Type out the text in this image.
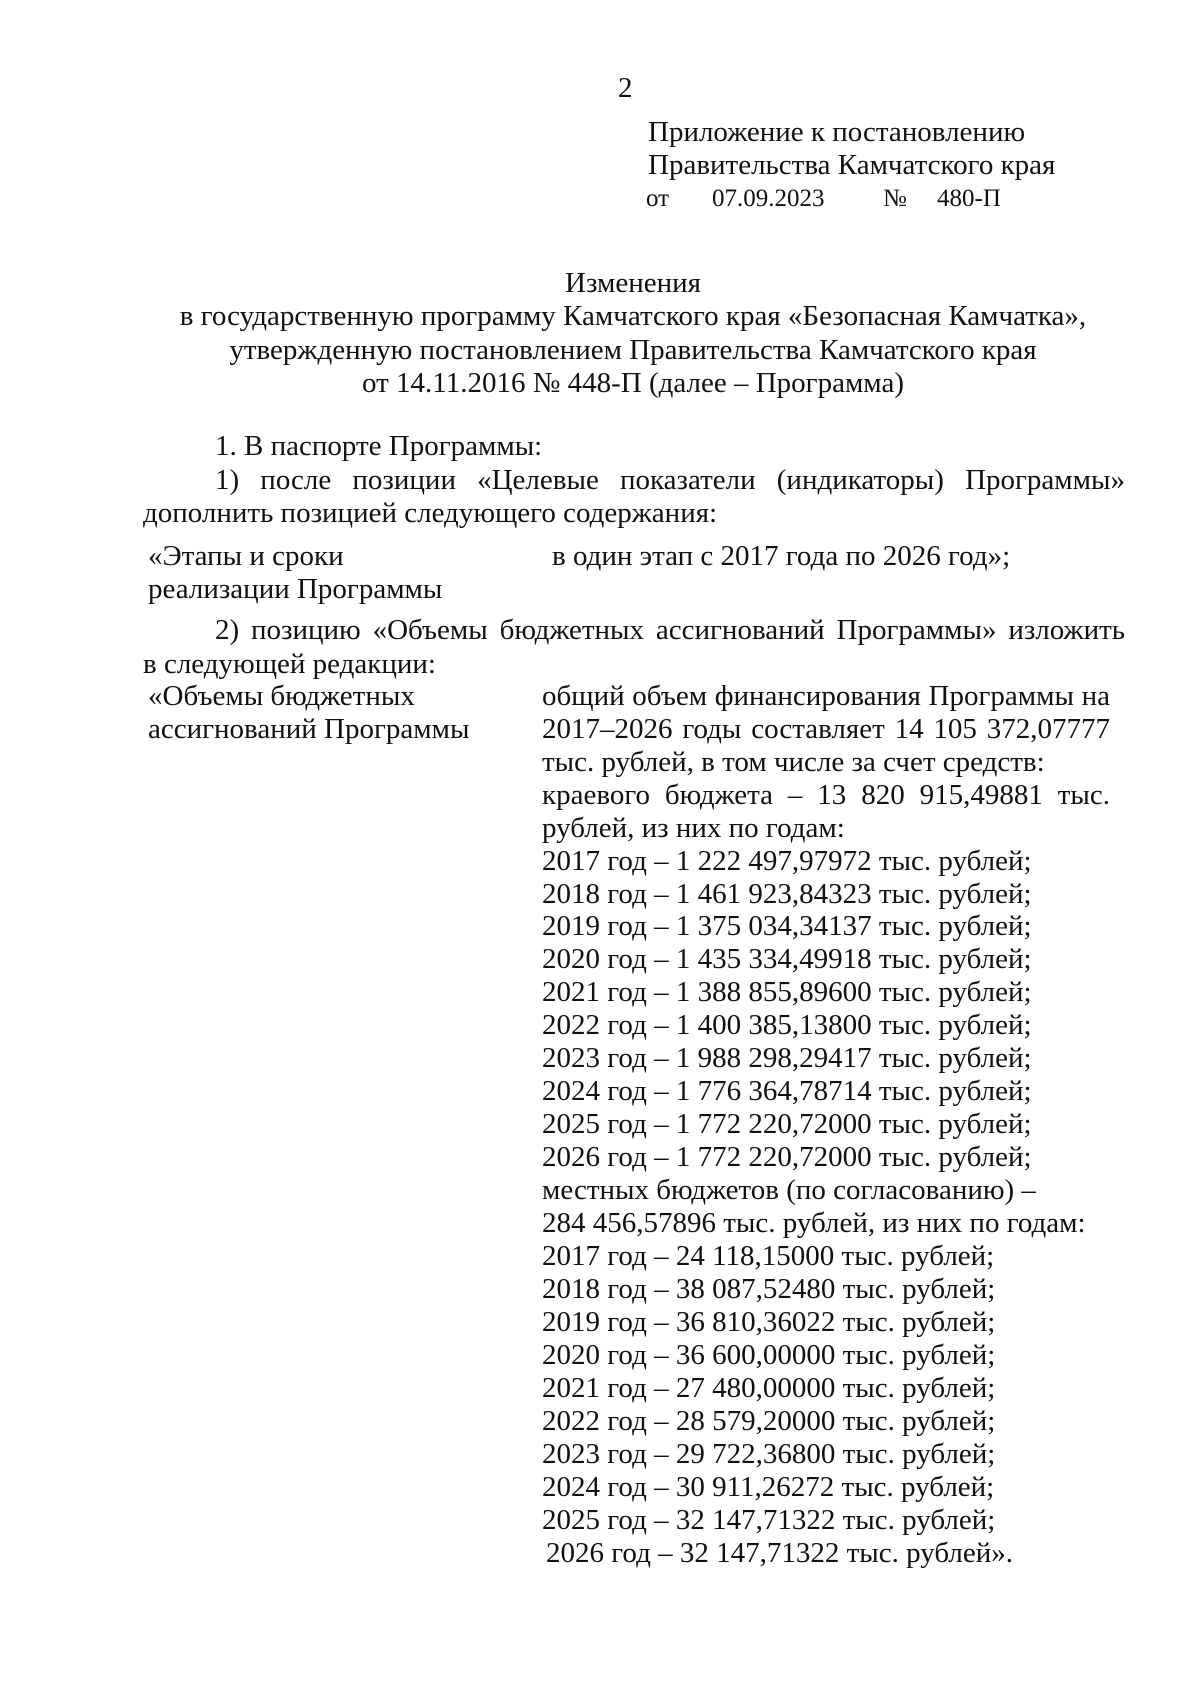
2
Приложение к постановлению
Правительства Камчатского края
от 07.09.2023 № 480-П
Изменения
в государственную программу Камчатского края «Безопасная Камчатка»,
утвержденную постановлением Правительства Камчатского края
от 14.11.2016 № 448-П (далее – Программа)
1. В паспорте Программы:
1) после позиции «Целевые показатели (индикаторы) Программы»
дополнить позицией следующего содержания:
«Этапы и сроки
реализации Программы
в один этап с 2017 года по 2026 год»;
2) позицию «Объемы бюджетных ассигнований Программы» изложить
в следующей редакции:
«Объемы бюджетных
ассигнований Программы
общий объем финансирования Программы на
2017–2026 годы составляет 14 105 372,07777
тыс. рублей, в том числе за счет средств:
краевого бюджета – 13 820 915,49881 тыс.
рублей, из них по годам:
2017 год – 1 222 497,97972 тыс. рублей;
2018 год – 1 461 923,84323 тыс. рублей;
2019 год – 1 375 034,34137 тыс. рублей;
2020 год – 1 435 334,49918 тыс. рублей;
2021 год – 1 388 855,89600 тыс. рублей;
2022 год – 1 400 385,13800 тыс. рублей;
2023 год – 1 988 298,29417 тыс. рублей;
2024 год – 1 776 364,78714 тыс. рублей;
2025 год – 1 772 220,72000 тыс. рублей;
2026 год – 1 772 220,72000 тыс. рублей;
местных бюджетов (по согласованию) –
284 456,57896 тыс. рублей, из них по годам:
2017 год – 24 118,15000 тыс. рублей;
2018 год – 38 087,52480 тыс. рублей;
2019 год – 36 810,36022 тыс. рублей;
2020 год – 36 600,00000 тыс. рублей;
2021 год – 27 480,00000 тыс. рублей;
2022 год – 28 579,20000 тыс. рублей;
2023 год – 29 722,36800 тыс. рублей;
2024 год – 30 911,26272 тыс. рублей;
2025 год – 32 147,71322 тыс. рублей;
2026 год – 32 147,71322 тыс. рублей».
